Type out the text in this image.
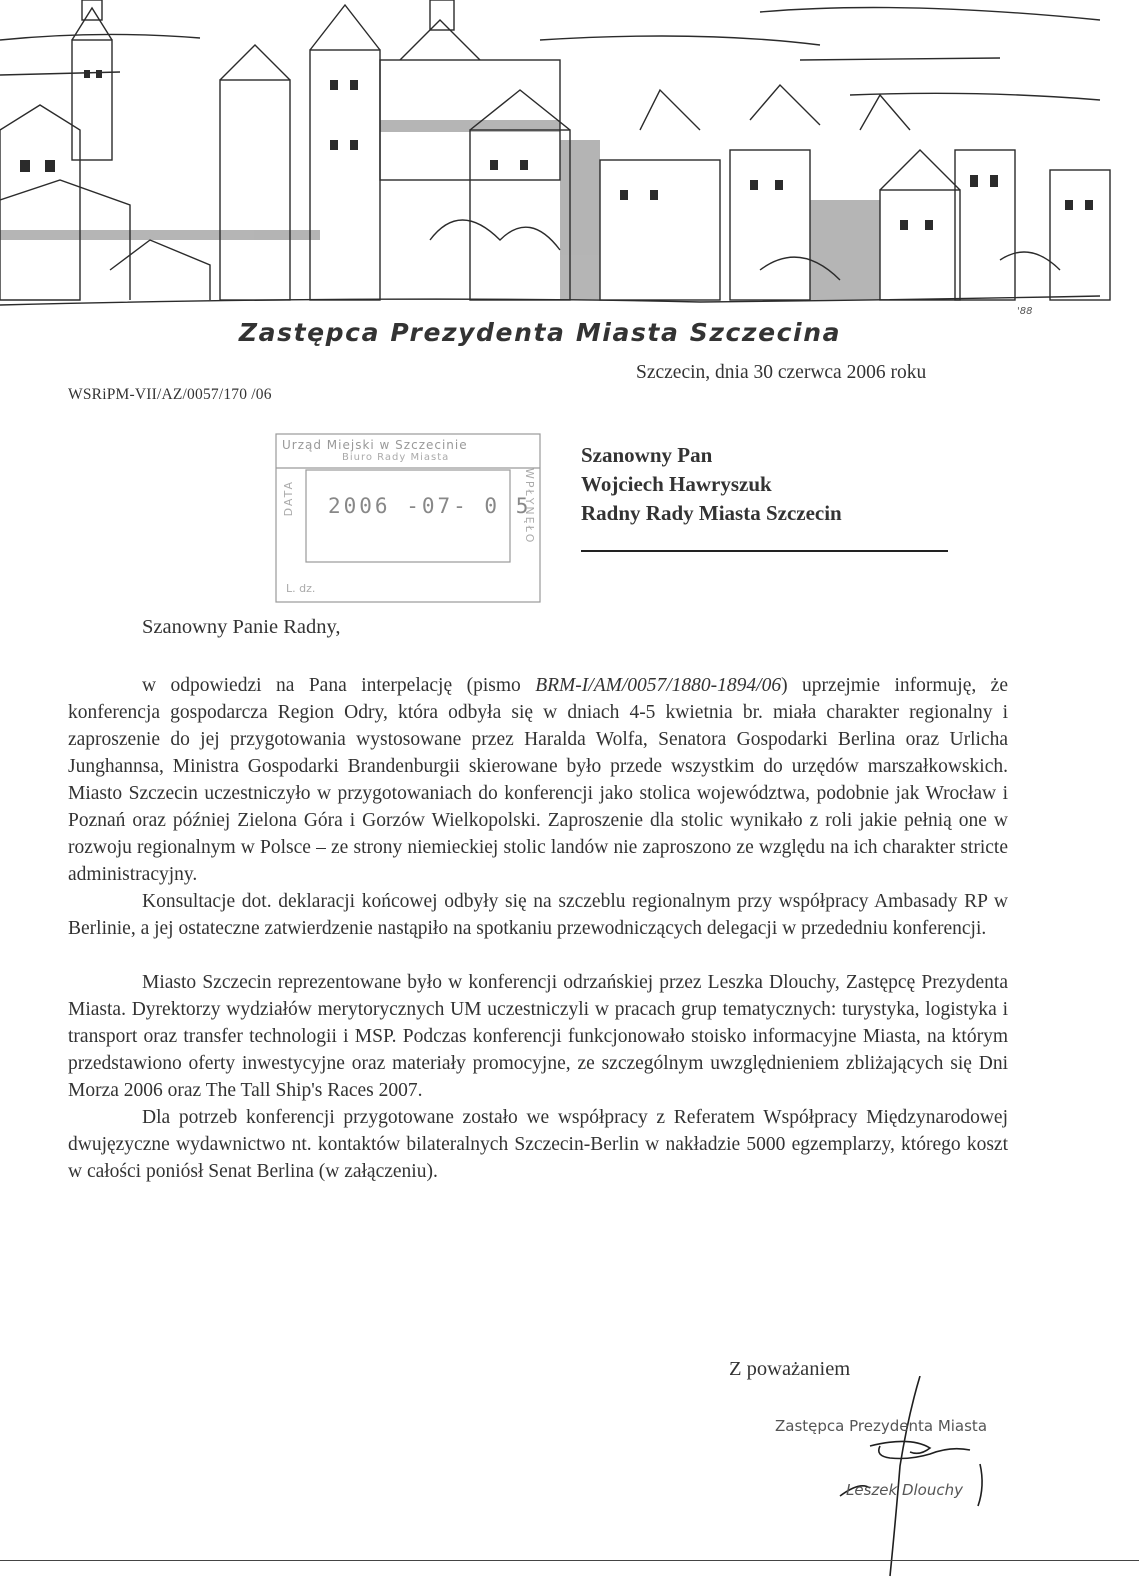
'88
Zastępca Prezydenta Miasta Szczecina
WSRiPM-VII/AZ/0057/170 /06
Szczecin, dnia 30 czerwca 2006 roku
Urząd Miejski w Szczecinie
Biuro Rady Miasta
DATA	2006 -07- 0 5
WPŁYNĘŁO
L. dz.
Szanowny Pan
Wojciech Hawryszuk
Radny Rady Miasta Szczecin
Szanowny Panie Radny,

w odpowiedzi na Pana interpelację (pismo BRM-I/AM/0057/1880-1894/06) uprzejmie informuję, że konferencja gospodarcza Region Odry, która odbyła się w dniach 4-5 kwietnia br. miała charakter regionalny i zaproszenie do jej przygotowania wystosowane przez Haralda Wolfa, Senatora Gospodarki Berlina oraz Urlicha Junghannsa, Ministra Gospodarki Brandenburgii skierowane było przede wszystkim do urzędów marszałkowskich. Miasto Szczecin uczestniczyło w przygotowaniach do konferencji jako stolica województwa, podobnie jak Wrocław i Poznań oraz później Zielona Góra i Gorzów Wielkopolski. Zaproszenie dla stolic wynikało z roli jakie pełnią one w rozwoju regionalnym w Polsce – ze strony niemieckiej stolic landów nie zaproszono ze względu na ich charakter stricte administracyjny.

Konsultacje dot. deklaracji końcowej odbyły się na szczeblu regionalnym przy współpracy Ambasady RP w Berlinie, a jej ostateczne zatwierdzenie nastąpiło na spotkaniu przewodniczących delegacji w przededniu konferencji.

Miasto Szczecin reprezentowane było w konferencji odrzańskiej przez Leszka Dlouchy, Zastępcę Prezydenta Miasta. Dyrektorzy wydziałów merytorycznych UM uczestniczyli w pracach grup tematycznych: turystyka, logistyka i transport oraz transfer technologii i MSP. Podczas konferencji funkcjonowało stoisko informacyjne Miasta, na którym przedstawiono oferty inwestycyjne oraz materiały promocyjne, ze szczególnym uwzględnieniem zbliżających się Dni Morza 2006 oraz The Tall Ship's Races 2007.

Dla potrzeb konferencji przygotowane zostało we współpracy z Referatem Współpracy Międzynarodowej dwujęzyczne wydawnictwo nt. kontaktów bilateralnych Szczecin-Berlin w nakładzie 5000 egzemplarzy, którego koszt w całości poniósł Senat Berlina (w załączeniu).

Z poważaniem
Zastępca Prezydenta Miasta
Leszek Dlouchy
